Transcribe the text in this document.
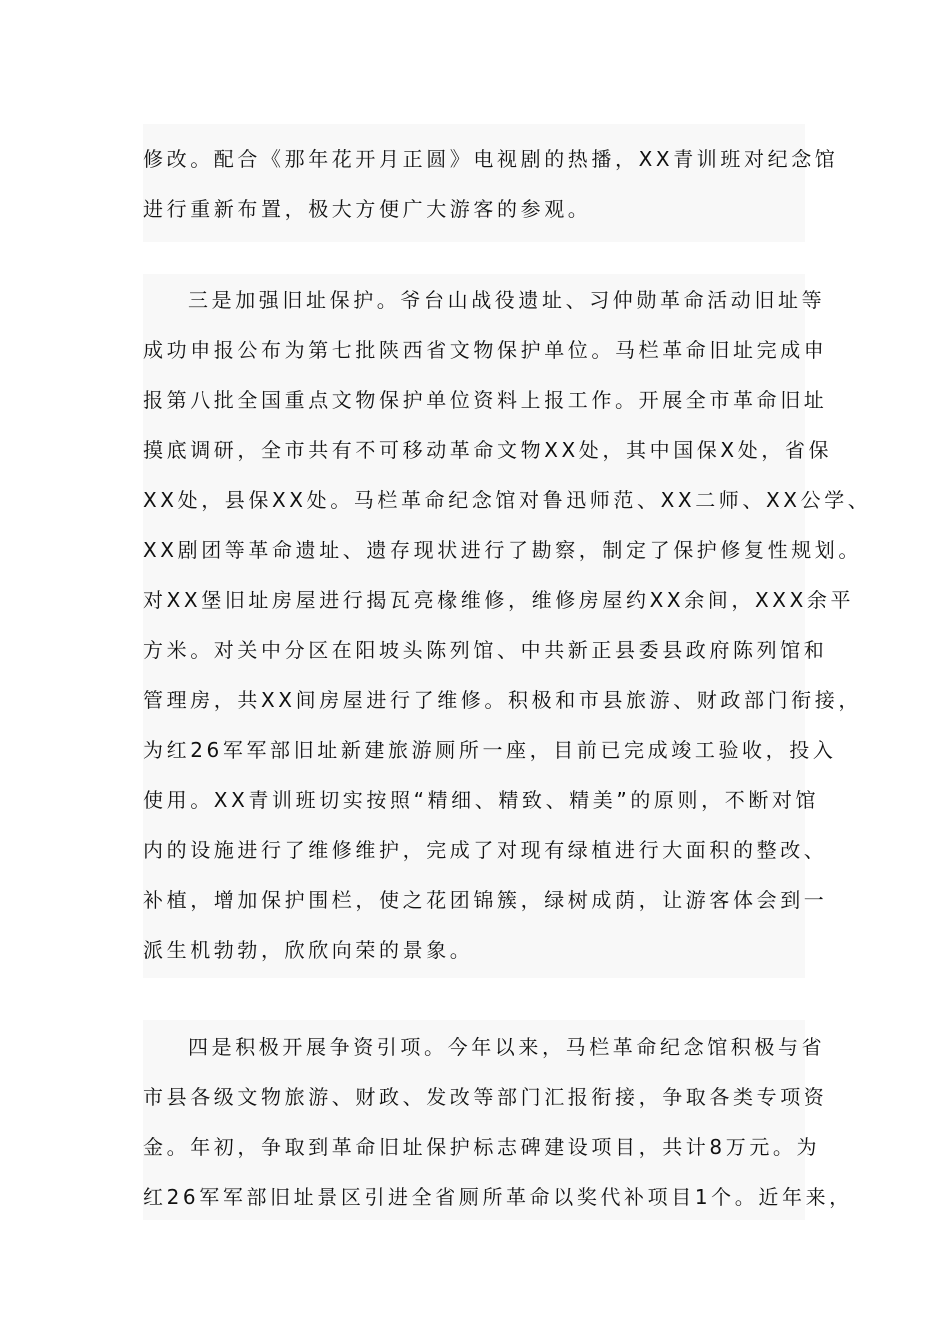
修改。配合《那年花开月正圆》电视剧的热播，XX青训班对纪念馆
进行重新布置，极大方便广大游客的参观。
三是加强旧址保护。爷台山战役遗址、习仲勋革命活动旧址等
成功申报公布为第七批陕西省文物保护单位。马栏革命旧址完成申
报第八批全国重点文物保护单位资料上报工作。开展全市革命旧址
摸底调研，全市共有不可移动革命文物XX处，其中国保X处，省保
XX处，县保XX处。马栏革命纪念馆对鲁迅师范、XX二师、XX公学、
XX剧团等革命遗址、遗存现状进行了勘察，制定了保护修复性规划。
对XX堡旧址房屋进行揭瓦亮椽维修，维修房屋约XX余间，XXX余平
方米。对关中分区在阳坡头陈列馆、中共新正县委县政府陈列馆和
管理房，共XX间房屋进行了维修。积极和市县旅游、财政部门衔接，
为红26军军部旧址新建旅游厕所一座，目前已完成竣工验收，投入
使用。XX青训班切实按照“精细、精致、精美”的原则，不断对馆
内的设施进行了维修维护，完成了对现有绿植进行大面积的整改、
补植，增加保护围栏，使之花团锦簇，绿树成荫，让游客体会到一
派生机勃勃，欣欣向荣的景象。
四是积极开展争资引项。今年以来，马栏革命纪念馆积极与省
市县各级文物旅游、财政、发改等部门汇报衔接，争取各类专项资
金。年初，争取到革命旧址保护标志碑建设项目，共计8万元。为
红26军军部旧址景区引进全省厕所革命以奖代补项目1个。近年来，
